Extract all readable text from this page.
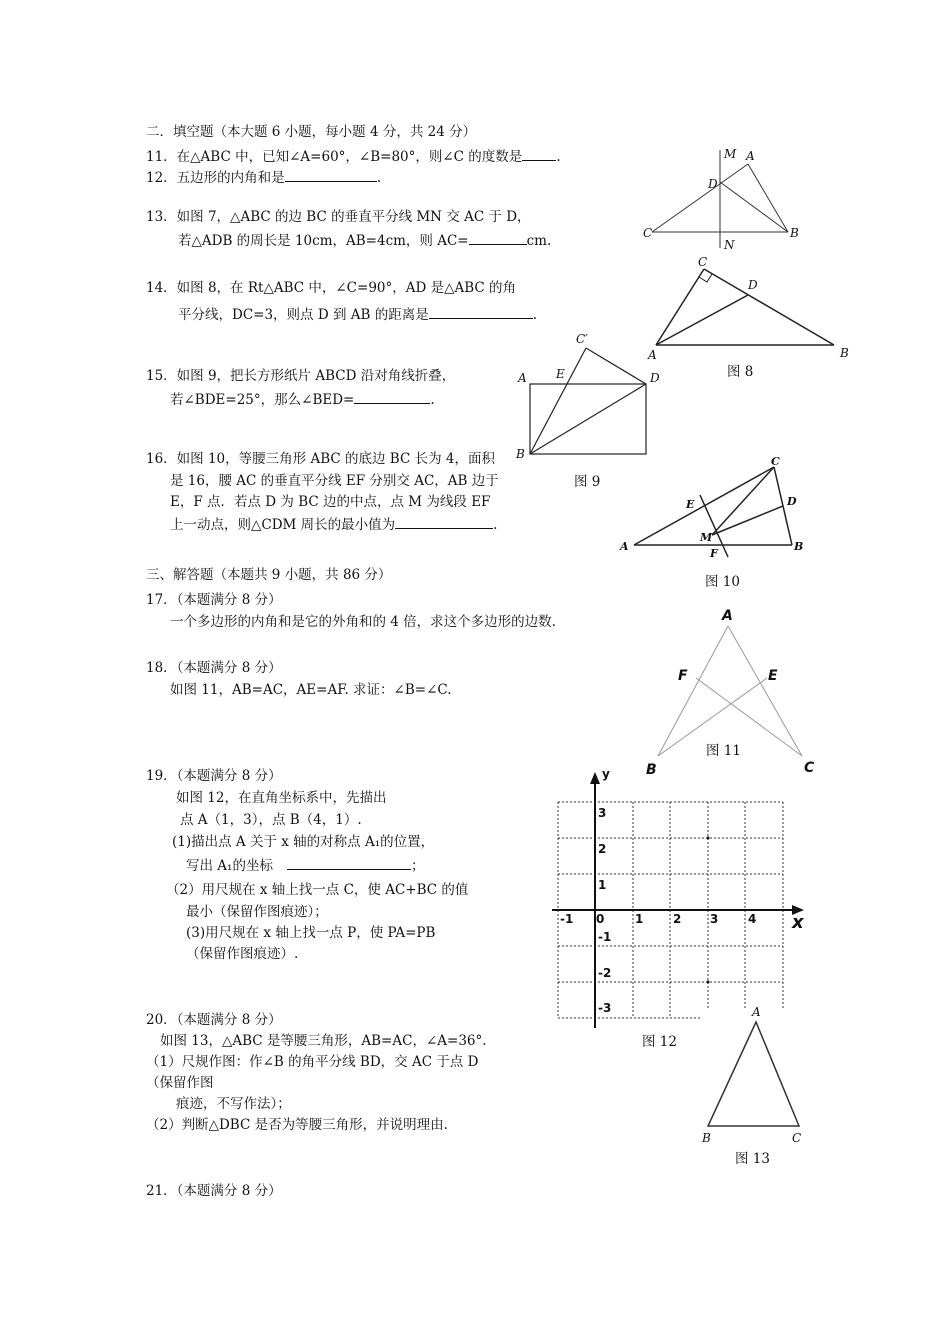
二．填空题（本大题 6 小题，每小题 4 分，共 24 分）
11．在△ABC 中，已知∠A=60°，∠B=80°，则∠C 的度数是	.
12．五边形的内角和是	.
13．如图 7，△ABC 的边 BC 的垂直平分线 MN 交 AC 于 D，
若△ADB 的周长是 10cm，AB=4cm，则 AC=	cm.
14．如图 8，在 Rt△ABC 中，∠C=90°，AD 是△ABC 的角
平分线，DC=3，则点 D 到 AB 的距离是	.
15．如图 9，把长方形纸片 ABCD 沿对角线折叠，
若∠BDE=25°，那么∠BED=	.
16．如图 10，等腰三角形 ABC 的底边 BC 长为 4，面积
是 16，腰 AC 的垂直平分线 EF 分别交 AC，AB 边于
E，F 点．若点 D 为 BC 边的中点，点 M 为线段 EF
上一动点，则△CDM 周长的最小值为	.
三、解答题（本题共 9 小题，共 86 分）
17．（本题满分 8 分）
一个多边形的内角和是它的外角和的 4 倍，求这个多边形的边数.
18．（本题满分 8 分）
如图 11，AB=AC，AE=AF. 求证：∠B=∠C.
19．（本题满分 8 分）
如图 12，在直角坐标系中，先描出
点 A（1，3），点 B（4，1）.
(1)描出点 A 关于 x 轴的对称点 A₁的位置，
写出 A₁的坐标	；
（2）用尺规在 x 轴上找一点 C，使 AC+BC 的值
最小（保留作图痕迹）；
(3)用尺规在 x 轴上找一点 P，使 PA=PB
（保留作图痕迹）.
20．（本题满分 8 分）
如图 13，△ABC 是等腰三角形，AB=AC，∠A=36°.
（1）尺规作图：作∠B 的角平分线 BD，交 AC 于点 D
（保留作图
痕迹，不写作法）；
（2）判断△DBC 是否为等腰三角形，并说明理由.
21．（本题满分 8 分）
M A
D
C
N
B
C
D
A	B
图 8
C′
A E	D
B
图 9
C
E	D
A
M
F
B
图 10
A
F	E
B	C
图 11
y
x
-1 0	1 2 3 4
3
2
1
-1
-2
-3
图 12
A
B	C
图 13
